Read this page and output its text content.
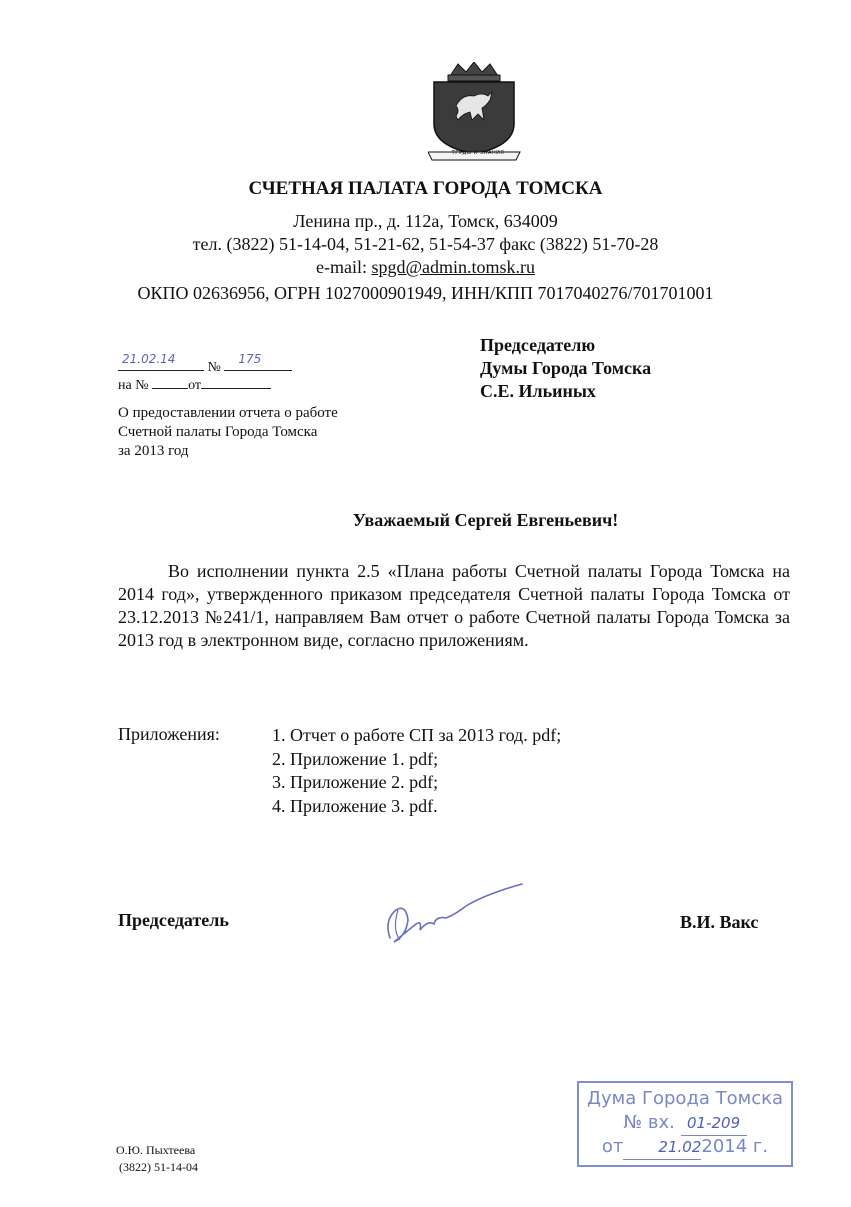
ТРУДЫ И ЗНАНИЯ
СЧЕТНАЯ ПАЛАТА ГОРОДА ТОМСКА
Ленина пр., д. 112а, Томск, 634009
тел. (3822) 51-14-04, 51-21-62, 51-54-37 факс (3822) 51-70-28
e-mail: spgd@admin.tomsk.ru
ОКПО 02636956, ОГРН 1027000901949, ИНН/КПП 7017040276/701701001
Председателю
Думы Города Томска
С.Е. Ильиных
21.02.14
№
175
на №	от
О предоставлении отчета о работе
Счетной палаты Города Томска
за 2013 год
Уважаемый Сергей Евгеньевич!

Во исполнении пункта 2.5 «Плана работы Счетной палаты Города Томска на 2014 год», утвержденного приказом председателя Счетной палаты Города Томска от 23.12.2013 №241/1, направляем Вам отчет о работе Счетной палаты Города Томска за 2013 год в электронном виде, согласно приложениям.

Приложения:	1. Отчет о работе СП за 2013 год. pdf;
2. Приложение 1. pdf;
3. Приложение 2. pdf;
4. Приложение 3. pdf.
Председатель	В.И. Вакс
Дума Города Томска
№ вх. 01-209
от 21.022014 г.
О.Ю. Пыхтеева
(3822) 51-14-04
